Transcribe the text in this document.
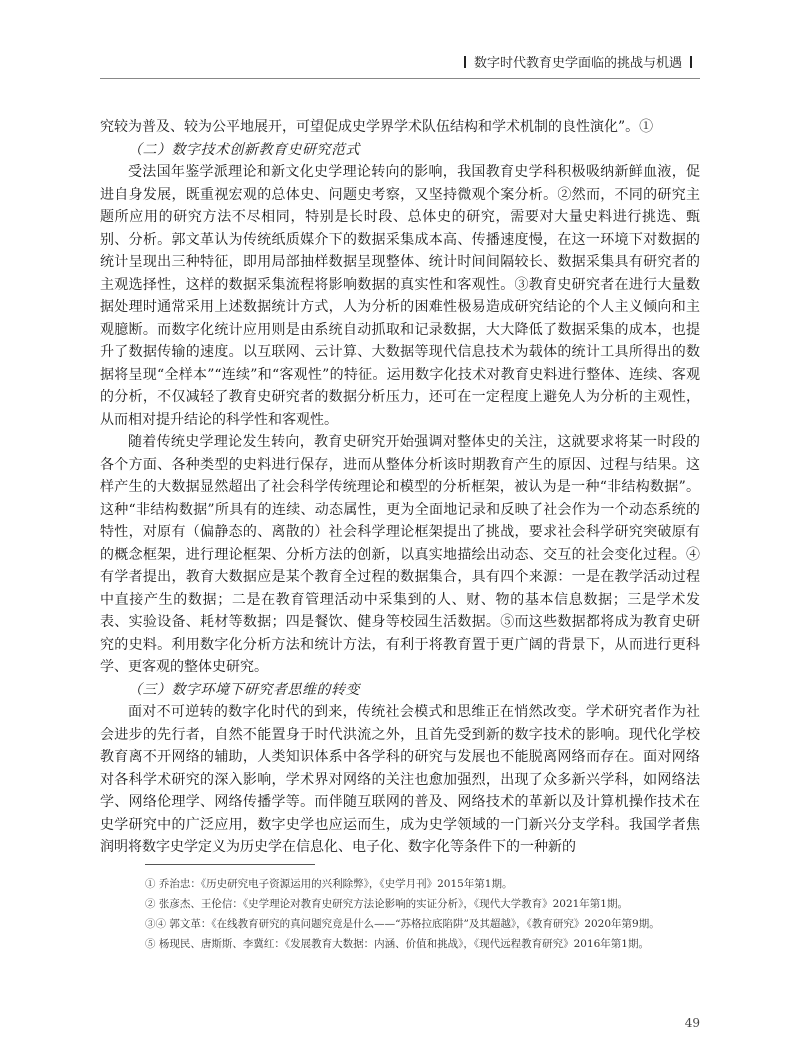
数字时代教育史学面临的挑战与机遇

究较为普及、较为公平地展开，可望促成史学界学术队伍结构和学术机制的良性演化”。①

（二）数字技术创新教育史研究范式

受法国年鉴学派理论和新文化史学理论转向的影响，我国教育史学科积极吸纳新鲜血液，促进自身发展，既重视宏观的总体史、问题史考察，又坚持微观个案分析。②然而，不同的研究主题所应用的研究方法不尽相同，特别是长时段、总体史的研究，需要对大量史料进行挑选、甄别、分析。郭文革认为传统纸质媒介下的数据采集成本高、传播速度慢，在这一环境下对数据的统计呈现出三种特征，即用局部抽样数据呈现整体、统计时间间隔较长、数据采集具有研究者的主观选择性，这样的数据采集流程将影响数据的真实性和客观性。③教育史研究者在进行大量数据处理时通常采用上述数据统计方式，人为分析的困难性极易造成研究结论的个人主义倾向和主观臆断。而数字化统计应用则是由系统自动抓取和记录数据，大大降低了数据采集的成本，也提升了数据传输的速度。以互联网、云计算、大数据等现代信息技术为载体的统计工具所得出的数据将呈现“全样本”“连续”和“客观性”的特征。运用数字化技术对教育史料进行整体、连续、客观的分析，不仅减轻了教育史研究者的数据分析压力，还可在一定程度上避免人为分析的主观性，从而相对提升结论的科学性和客观性。

随着传统史学理论发生转向，教育史研究开始强调对整体史的关注，这就要求将某一时段的各个方面、各种类型的史料进行保存，进而从整体分析该时期教育产生的原因、过程与结果。这样产生的大数据显然超出了社会科学传统理论和模型的分析框架，被认为是一种“非结构数据”。这种“非结构数据”所具有的连续、动态属性，更为全面地记录和反映了社会作为一个动态系统的特性，对原有（偏静态的、离散的）社会科学理论框架提出了挑战，要求社会科学研究突破原有的概念框架，进行理论框架、分析方法的创新，以真实地描绘出动态、交互的社会变化过程。④有学者提出，教育大数据应是某个教育全过程的数据集合，具有四个来源：一是在教学活动过程中直接产生的数据；二是在教育管理活动中采集到的人、财、物的基本信息数据；三是学术发表、实验设备、耗材等数据；四是餐饮、健身等校园生活数据。⑤而这些数据都将成为教育史研究的史料。利用数字化分析方法和统计方法，有利于将教育置于更广阔的背景下，从而进行更科学、更客观的整体史研究。

（三）数字环境下研究者思维的转变

面对不可逆转的数字化时代的到来，传统社会模式和思维正在悄然改变。学术研究者作为社会进步的先行者，自然不能置身于时代洪流之外，且首先受到新的数字技术的影响。现代化学校教育离不开网络的辅助，人类知识体系中各学科的研究与发展也不能脱离网络而存在。面对网络对各科学术研究的深入影响，学术界对网络的关注也愈加强烈，出现了众多新兴学科，如网络法学、网络伦理学、网络传播学等。而伴随互联网的普及、网络技术的革新以及计算机操作技术在史学研究中的广泛应用，数字史学也应运而生，成为史学领域的一门新兴分支学科。我国学者焦润明将数字史学定义为历史学在信息化、电子化、数字化等条件下的一种新的

① 乔治忠：《历史研究电子资源运用的兴利除弊》，《史学月刊》2015年第1期。
② 张彦杰、王伦信：《史学理论对教育史研究方法论影响的实证分析》，《现代大学教育》2021年第1期。
③④ 郭文革：《在线教育研究的真问题究竟是什么——“苏格拉底陷阱”及其超越》，《教育研究》2020年第9期。
⑤ 杨现民、唐斯斯、李冀红：《发展教育大数据：内涵、价值和挑战》，《现代远程教育研究》2016年第1期。
49
